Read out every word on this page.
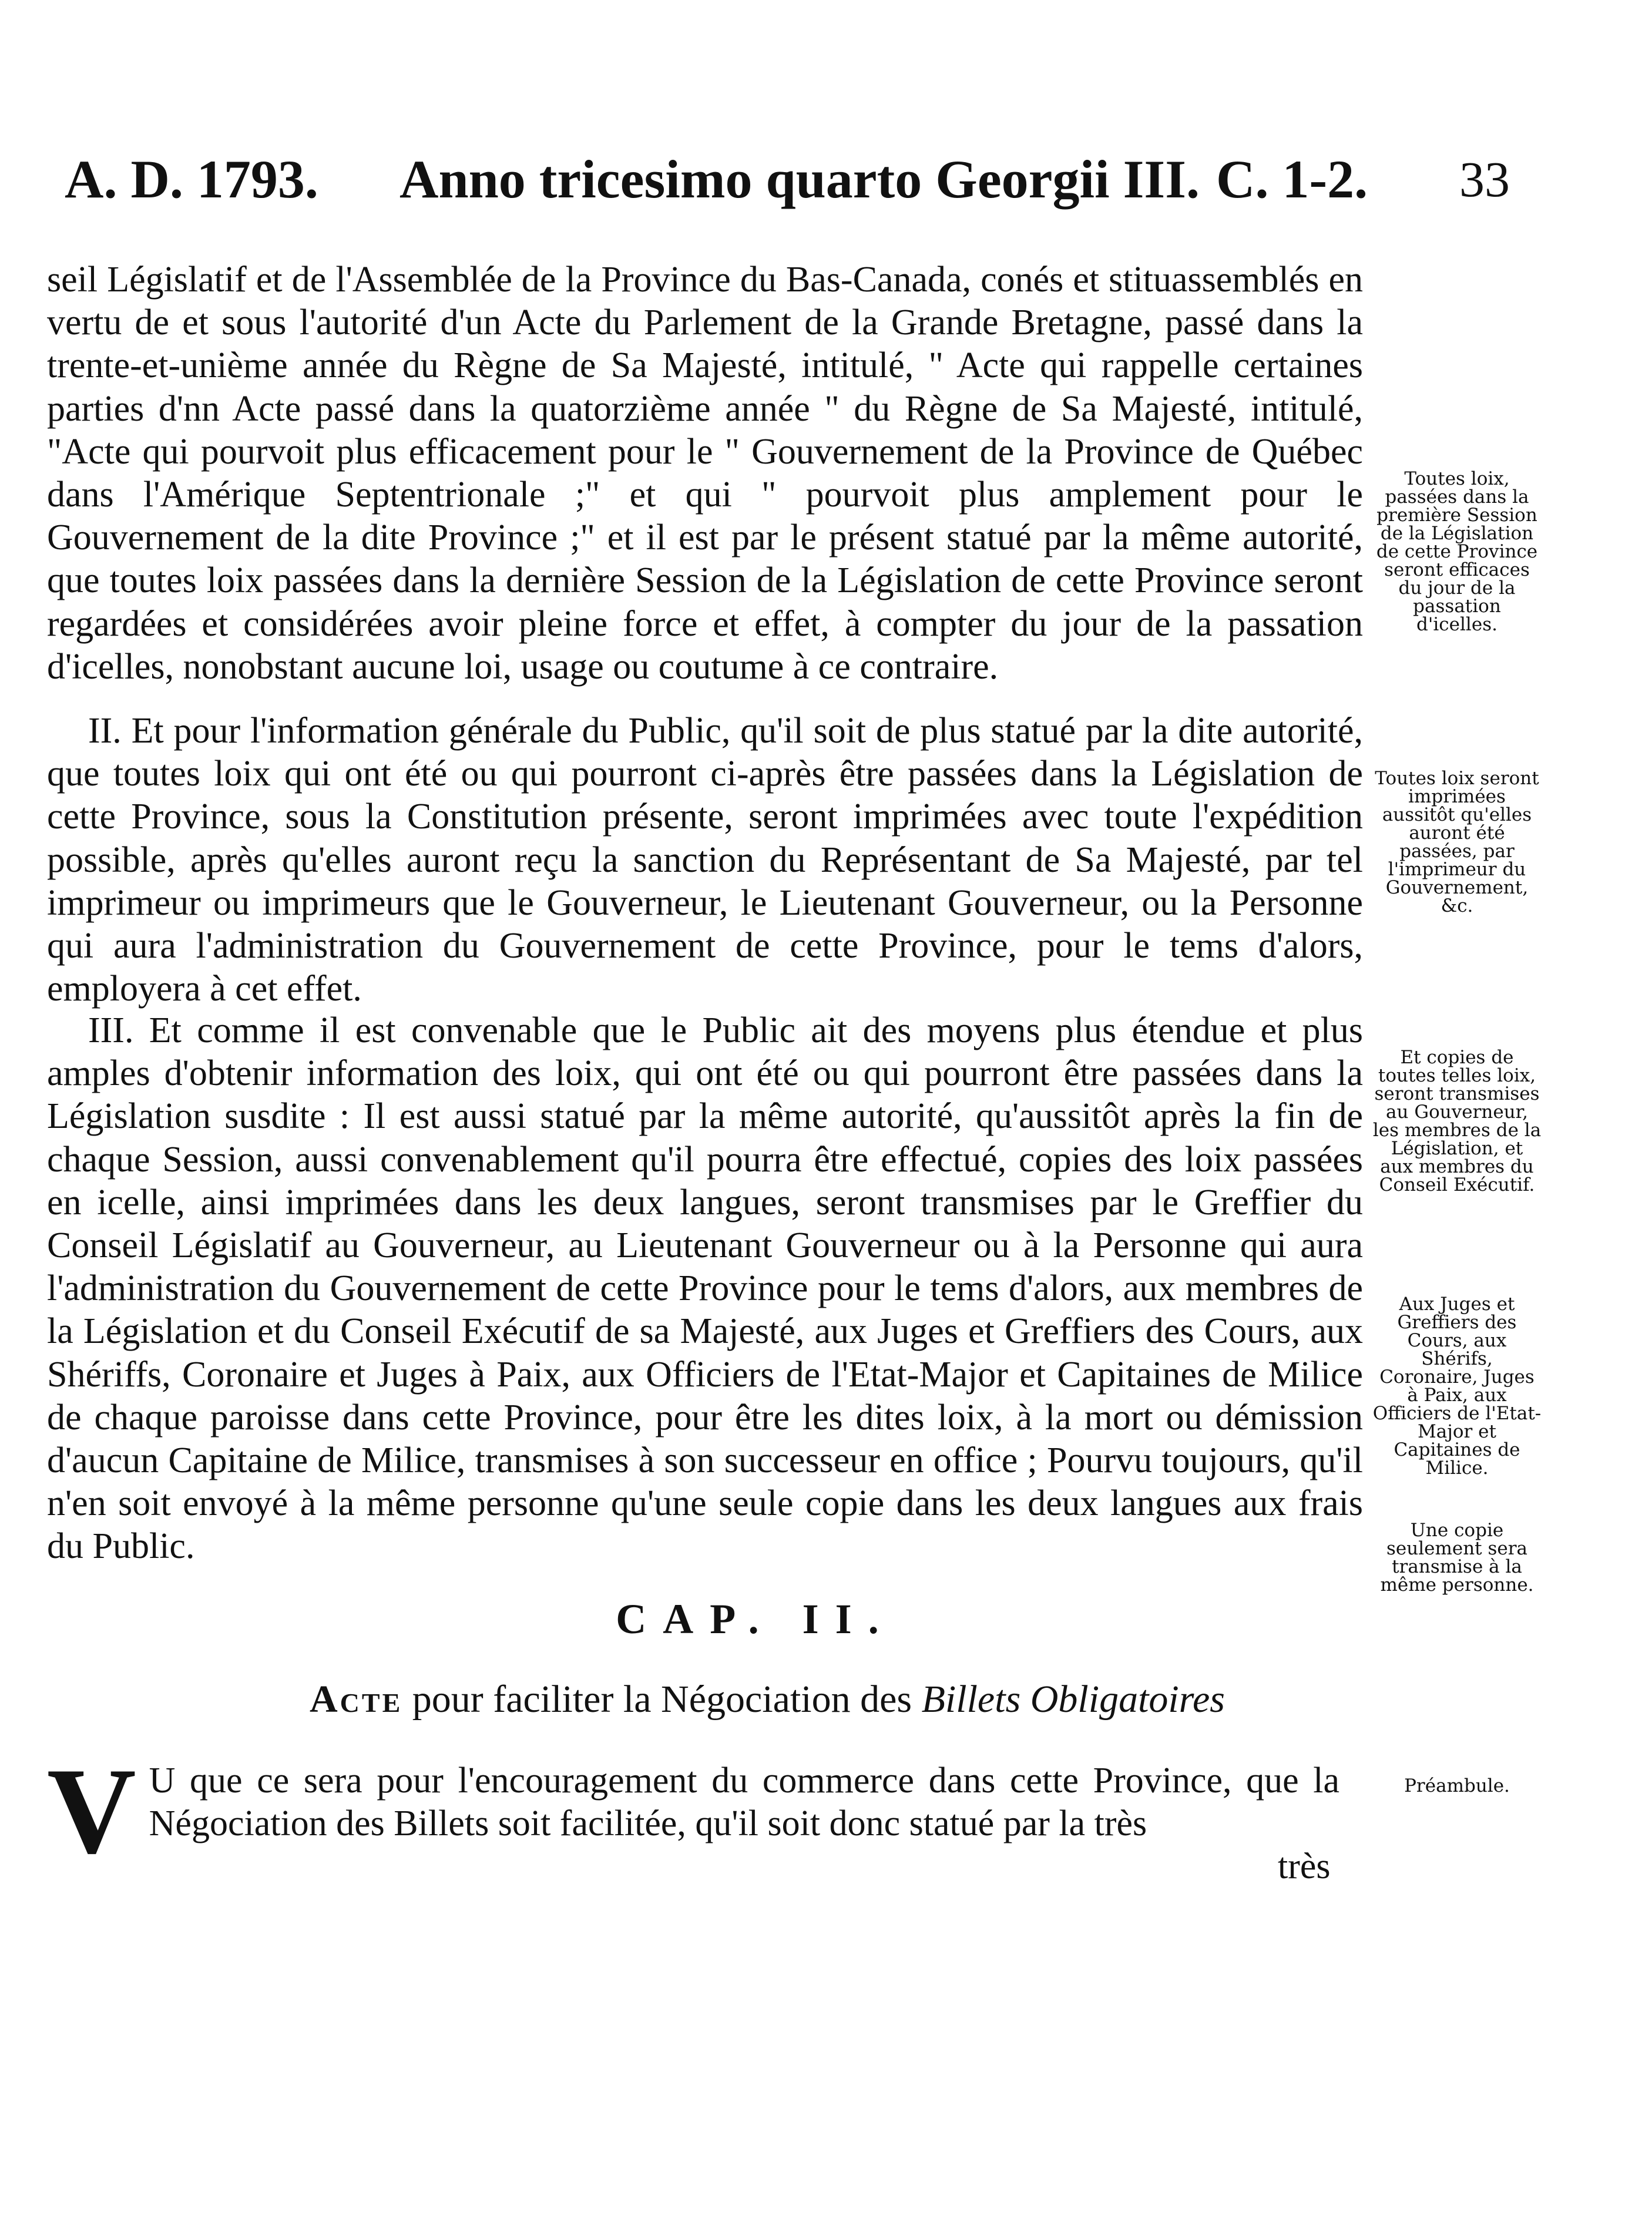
A. D. 1793. Anno tricesimo quarto Georgii III. C. 1-2. 33
seil Législatif et de l'Assemblée de la Province du Bas-Canada, conés et stituassemblés en vertu de et sous l'autorité d'un Acte du Parlement de la Grande Bretagne, passé dans la trente-et-unième année du Règne de Sa Majesté, intitulé, " Acte qui rappelle certaines parties d'nn Acte passé dans la quatorzième année " du Règne de Sa Majesté, intitulé, "Acte qui pourvoit plus efficacement pour le " Gouvernement de la Province de Québec dans l'Amérique Septentrionale ;" et qui " pourvoit plus amplement pour le Gouvernement de la dite Province ;" et il est par le présent statué par la même autorité, que toutes loix passées dans la dernière Session de la Législation de cette Province seront regardées et considérées avoir pleine force et effet, à compter du jour de la passation d'icelles, nonobstant aucune loi, usage ou coutume à ce contraire.
II. Et pour l'information générale du Public, qu'il soit de plus statué par la dite autorité, que toutes loix qui ont été ou qui pourront ci-après être passées dans la Législation de cette Province, sous la Constitution présente, seront imprimées avec toute l'expédition possible, après qu'elles auront reçu la sanction du Représentant de Sa Majesté, par tel imprimeur ou imprimeurs que le Gouverneur, le Lieutenant Gouverneur, ou la Personne qui aura l'administration du Gouvernement de cette Province, pour le tems d'alors, employera à cet effet.
III. Et comme il est convenable que le Public ait des moyens plus étendue et plus amples d'obtenir information des loix, qui ont été ou qui pourront être passées dans la Législation susdite : Il est aussi statué par la même autorité, qu'aussitôt après la fin de chaque Session, aussi convenablement qu'il pourra être effectué, copies des loix passées en icelle, ainsi imprimées dans les deux langues, seront transmises par le Greffier du Conseil Législatif au Gouverneur, au Lieutenant Gouverneur ou à la Personne qui aura l'administration du Gouvernement de cette Province pour le tems d'alors, aux membres de la Législation et du Conseil Exécutif de sa Majesté, aux Juges et Greffiers des Cours, aux Shériffs, Coronaire et Juges à Paix, aux Officiers de l'Etat-Major et Capitaines de Milice de chaque paroisse dans cette Province, pour être les dites loix, à la mort ou démission d'aucun Capitaine de Milice, transmises à son successeur en office ; Pourvu toujours, qu'il n'en soit envoyé à la même personne qu'une seule copie dans les deux langues aux frais du Public.
CAP. II.
Acte pour faciliter la Négociation des Billets Obligatoires
V U que ce sera pour l'encouragement du commerce dans cette Province, que la Négociation des Billets soit facilitée, qu'il soit donc statué par la très
très
Toutes loix, passées dans la première Session de la Législation de cette Province seront efficaces du jour de la passation d'icelles.
Toutes loix seront imprimées aussitôt qu'elles auront été passées, par l'imprimeur du Gouvernement, &c.
Et copies de toutes telles loix, seront transmises au Gouverneur, les membres de la Législation, et aux membres du Conseil Exécutif.
Aux Juges et Greffiers des Cours, aux Shérifs, Coronaire, Juges à Paix, aux Officiers de l'Etat-Major et Capitaines de Milice.
Une copie seulement sera transmise à la même personne.
Préambule.
